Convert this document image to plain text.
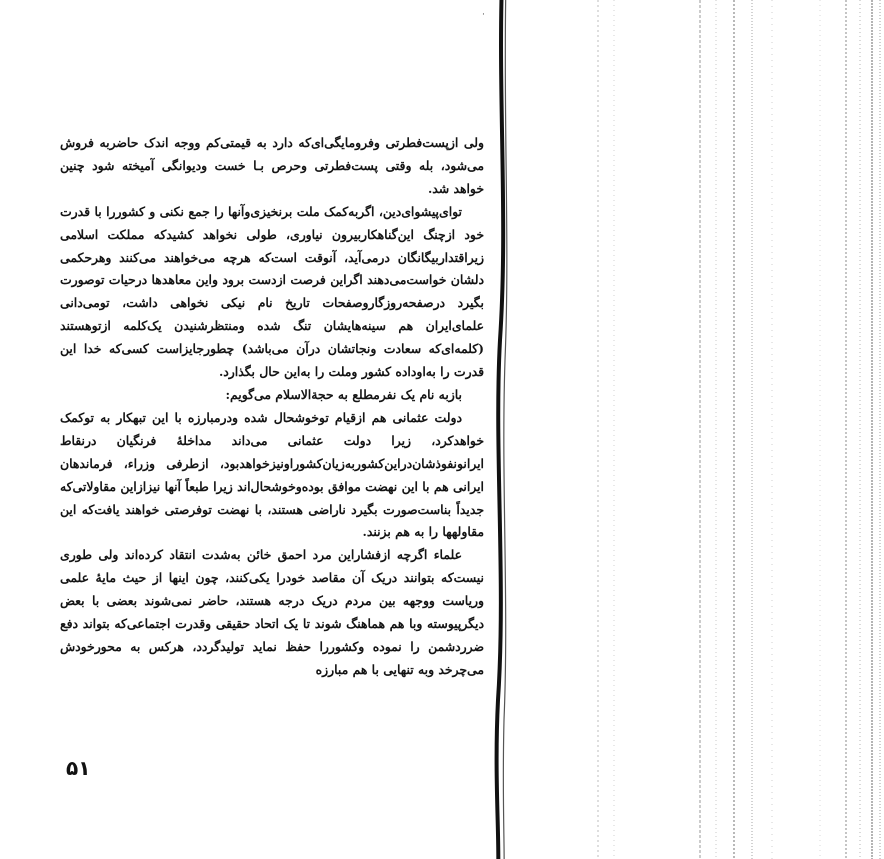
·

ولی ازپست‌فطرتی وفرومایگی‌ای‌که دارد به قیمتی‌کم ووجه اندک حاضربه فروش می‌شود، بله وقتی پست‌فطرتی وحرص بـا خست ودیوانگی آمیخته شود چنین خواهد شد.

توای‌پیشوای‌دین، اگربه‌کمک ملت برنخیزی‌وآنها را جمع نکنی و کشوررا با قدرت خود ازچنگ این‌گناهکاربیرون نیاوری، طولی نخواهد کشیدکه مملکت اسلامی زیراقتداربیگانگان درمی‌آید، آنوقت است‌که هرچه می‌خواهند می‌کنند وهرحکمی دلشان خواست‌می‌دهند اگراین فرصت ازدست برود واین معاهدها درحیات توصورت بگیرد درصفحه‌روزگاروصفحات تاریخ نام نیکی نخواهی داشت، تومی‌دانی علمای‌ایران هم سینه‌هایشان تنگ شده ومنتظرشنیدن یک‌کلمه ازتوهستند (کلمه‌ای‌که سعادت ونجاتشان درآن می‌باشد) چطورجایزاست کسی‌که خدا این قدرت را به‌اوداده کشور وملت را به‌این حال بگذارد.

بازبه نام یک نفرمطلع به حجة‌الاسلام می‌گویم:

دولت عثمانی هم ازقیام توخوشحال شده ودرمبارزه با این تبهکار به توکمک خواهدکرد، زیرا دولت عثمانی می‌داند مداخلهٔ فرنگیان درنقاط ایرانونفوذشان‌دراین‌کشوربه‌زیان‌کشوراونیزخواهدبود، ازطرفی وزراء، فرماندهان ایرانی هم با این نهضت موافق بوده‌وخوشحال‌اند زیرا طبعاً آنها نیزازاین مقاولاتی‌که جدیداً بناست‌صورت بگیرد ناراضی هستند، با نهضت توفرصتی خواهند یافت‌که این مقاولهها را به هم بزنند.

علماء اگرچه ازفشاراین مرد احمق خائن به‌شدت انتقاد کرده‌اند ولی طوری نیست‌که بتوانند دریک آن مقاصد خودرا یکی‌کنند، چون اینها از حیث مایهٔ علمی وریاست ووجهه بین مردم دریک درجه هستند، حاضر نمی‌شوند بعضی با بعض دیگرپیوسته وبا هم هماهنگ شوند تا یک اتحاد حقیقی وقدرت اجتماعی‌که بتواند دفع ضرردشمن را نموده وکشوررا حفظ نماید تولیدگردد، هرکس به محورخودش می‌چرخد وبه تنهایی با هم مبارزه

۵۱
